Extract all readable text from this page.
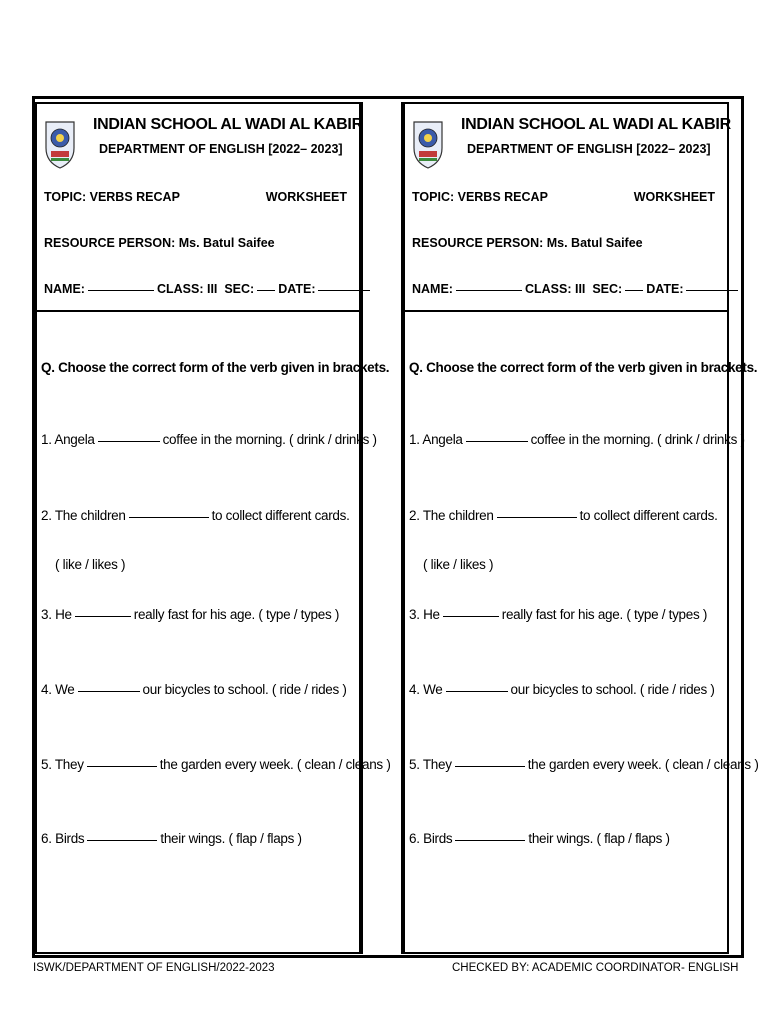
INDIAN SCHOOL AL WADI AL KABIR
DEPARTMENT OF ENGLISH [2022– 2023]
TOPIC: VERBS RECAP	WORKSHEET
RESOURCE PERSON: Ms. Batul Saifee
NAME:	CLASS: III SEC: DATE:
Q. Choose the correct form of the verb given in brackets.
1. Angela	coffee in the morning. ( drink / drinks )
2. The children	to collect different cards.
( like / likes )
3. He	really fast for his age. ( type / types )
4. We	our bicycles to school. ( ride / rides )
5. They	the garden every week. ( clean / cleans )
6. Birds	their wings. ( flap / flaps )
INDIAN SCHOOL AL WADI AL KABIR
DEPARTMENT OF ENGLISH [2022– 2023]
TOPIC: VERBS RECAP	WORKSHEET
RESOURCE PERSON: Ms. Batul Saifee
NAME:	CLASS: III SEC: DATE:
Q. Choose the correct form of the verb given in brackets.
1. Angela	coffee in the morning. ( drink / drinks )
2. The children	to collect different cards.
( like / likes )
3. He	really fast for his age. ( type / types )
4. We	our bicycles to school. ( ride / rides )
5. They	the garden every week. ( clean / cleans )
6. Birds	their wings. ( flap / flaps )
ISWK/DEPARTMENT OF ENGLISH/2022-2023	CHECKED BY: ACADEMIC COORDINATOR- ENGLISH
